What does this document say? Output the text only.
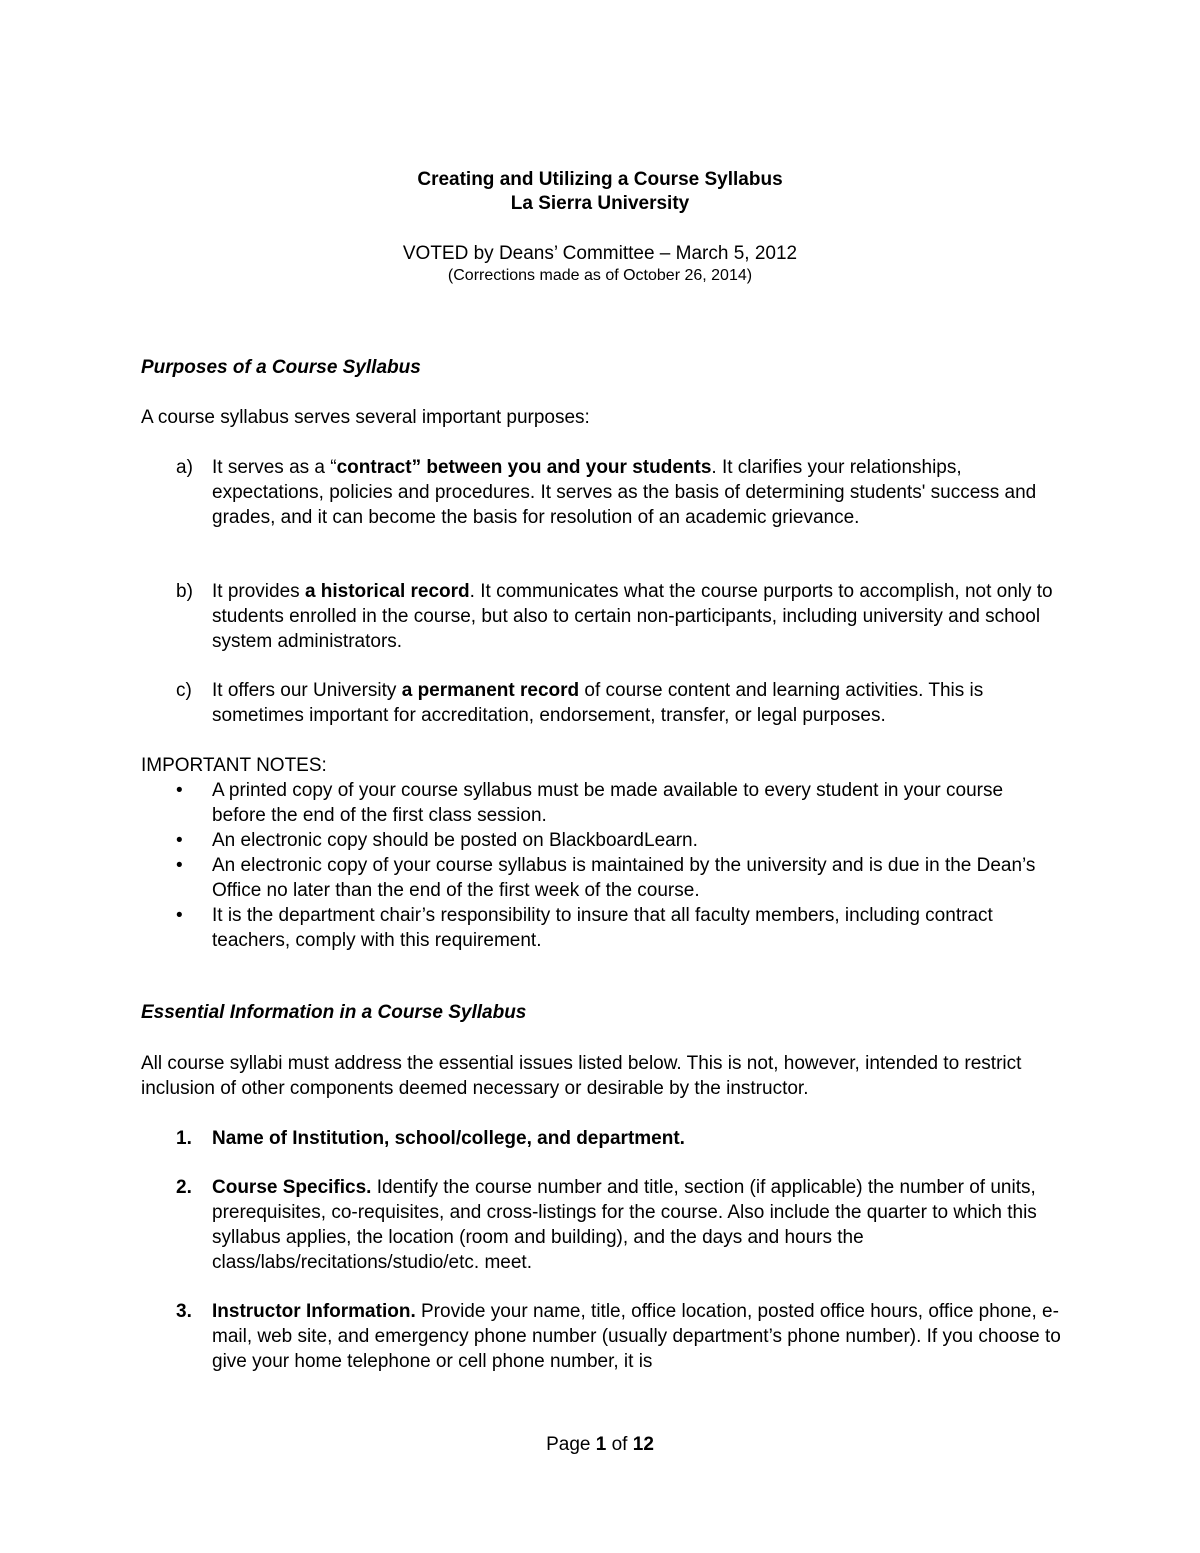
Creating and Utilizing a Course Syllabus
La Sierra University
VOTED by Deans’ Committee – March 5, 2012
(Corrections made as of October 26, 2014)
Purposes of a Course Syllabus
A course syllabus serves several important purposes:
a) It serves as a “contract” between you and your students. It clarifies your relationships, expectations, policies and procedures. It serves as the basis of determining students' success and grades, and it can become the basis for resolution of an academic grievance.
b) It provides a historical record. It communicates what the course purports to accomplish, not only to students enrolled in the course, but also to certain non-participants, including university and school system administrators.
c) It offers our University a permanent record of course content and learning activities. This is sometimes important for accreditation, endorsement, transfer, or legal purposes.
IMPORTANT NOTES:
• A printed copy of your course syllabus must be made available to every student in your course before the end of the first class session.
• An electronic copy should be posted on BlackboardLearn.
• An electronic copy of your course syllabus is maintained by the university and is due in the Dean’s Office no later than the end of the first week of the course.
• It is the department chair’s responsibility to insure that all faculty members, including contract teachers, comply with this requirement.
Essential Information in a Course Syllabus
All course syllabi must address the essential issues listed below. This is not, however, intended to restrict inclusion of other components deemed necessary or desirable by the instructor.
1. Name of Institution, school/college, and department.
2. Course Specifics. Identify the course number and title, section (if applicable) the number of units, prerequisites, co-requisites, and cross-listings for the course. Also include the quarter to which this syllabus applies, the location (room and building), and the days and hours the class/labs/recitations/studio/etc. meet.
3. Instructor Information. Provide your name, title, office location, posted office hours, office phone, e-mail, web site, and emergency phone number (usually department’s phone number). If you choose to give your home telephone or cell phone number, it is
Page 1 of 12
